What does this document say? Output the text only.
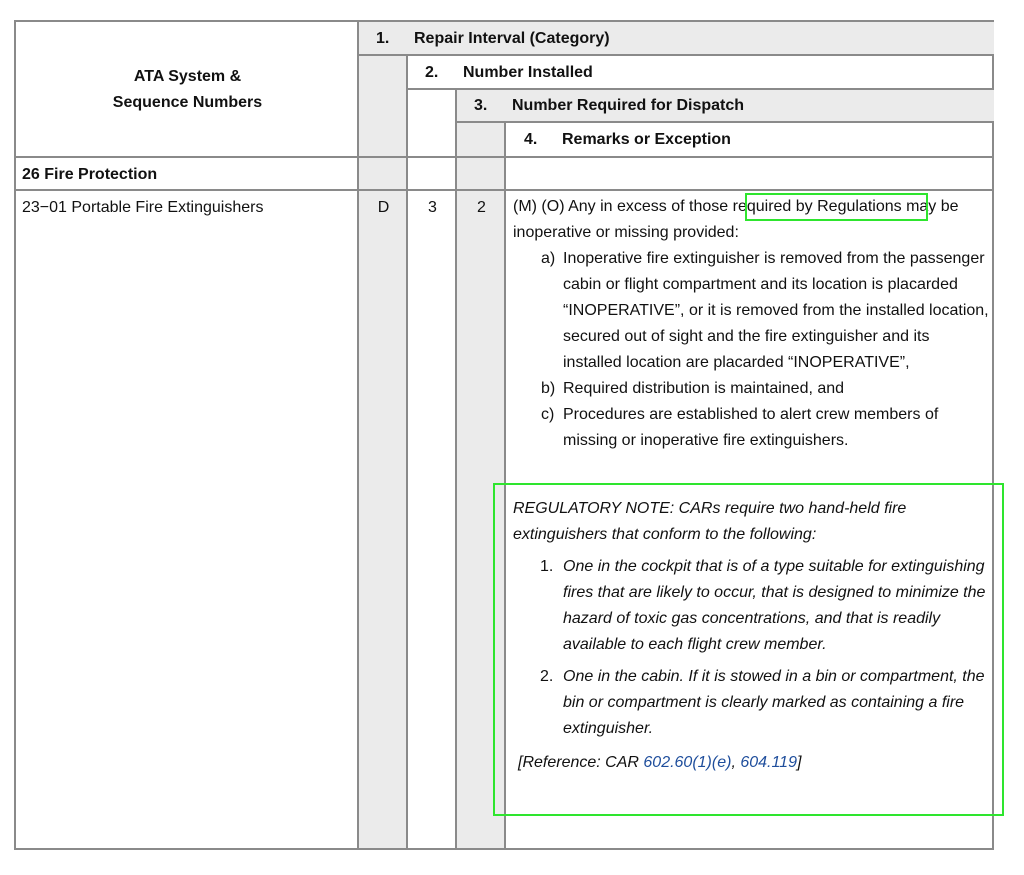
1. Repair Interval (Category)
2. Number Installed
3. Number Required for Dispatch
4. Remarks or Exception
ATA System &
Sequence Numbers
26 Fire Protection
23−01 Portable Fire Extinguishers	D	3	2	(M) (O) Any in excess of those required by Regulations may be inoperative or missing provided:

a) Inoperative fire extinguisher is removed from the passenger cabin or flight compartment and its location is placarded “INOPERATIVE”, or it is removed from the installed location, secured out of sight and the fire extinguisher and its installed location are placarded “INOPERATIVE”,
b) Required distribution is maintained, and
c) Procedures are established to alert crew members of missing or inoperative fire extinguishers.

REGULATORY NOTE: CARs require two hand-held fire extinguishers that conform to the following:

1. One in the cockpit that is of a type suitable for extinguishing fires that are likely to occur, that is designed to minimize the hazard of toxic gas concentrations, and that is readily available to each flight crew member.
2. One in the cabin. If it is stowed in a bin or compartment, the bin or compartment is clearly marked as containing a fire extinguisher.

[Reference: CAR 602.60(1)(e), 604.119]
